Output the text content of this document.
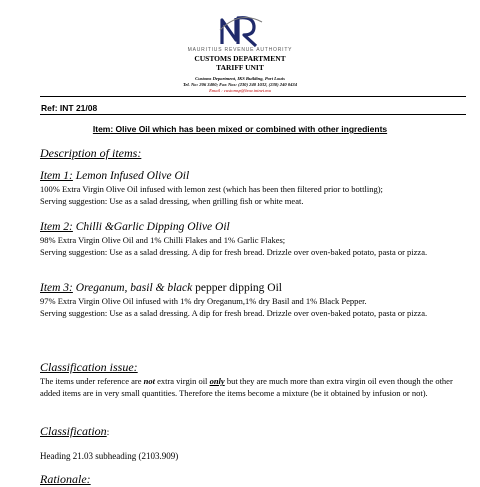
MAURITIUS REVENUE AUTHORITY
CUSTOMS DEPARTMENT
TARIFF UNIT
Customs Department, IKS Building, Port Louis
Tel. No: 206 3400; Fax Nos: (230) 240 1032, (230) 240 0434
Email : customsp@bow.intnet.mu
Ref: INT 21/08
Item: Olive Oil which has been mixed or combined with other ingredients
Description of items:
Item 1: Lemon Infused Olive Oil
100% Extra Virgin Olive Oil infused with lemon zest (which has been then filtered prior to bottling);
Serving suggestion: Use as a salad dressing, when grilling fish or white meat.
Item 2: Chilli &Garlic Dipping Olive Oil
98% Extra Virgin Olive Oil and 1% Chilli Flakes and 1% Garlic Flakes;
Serving suggestion: Use as a salad dressing. A dip for fresh bread. Drizzle over oven-baked potato, pasta or pizza.
Item 3: Oreganum, basil & black pepper dipping Oil
97% Extra Virgin Olive Oil infused with 1% dry Oreganum,1% dry Basil and 1% Black Pepper.
Serving suggestion: Use as a salad dressing. A dip for fresh bread. Drizzle over oven-baked potato, pasta or pizza.
Classification issue:
The items under reference are not extra virgin oil only but they are much more than extra virgin oil even though the other added items are in very small quantities. Therefore the items become a mixture (be it obtained by infusion or not).
Classification:
Heading 21.03 subheading (2103.909)
Rationale:
